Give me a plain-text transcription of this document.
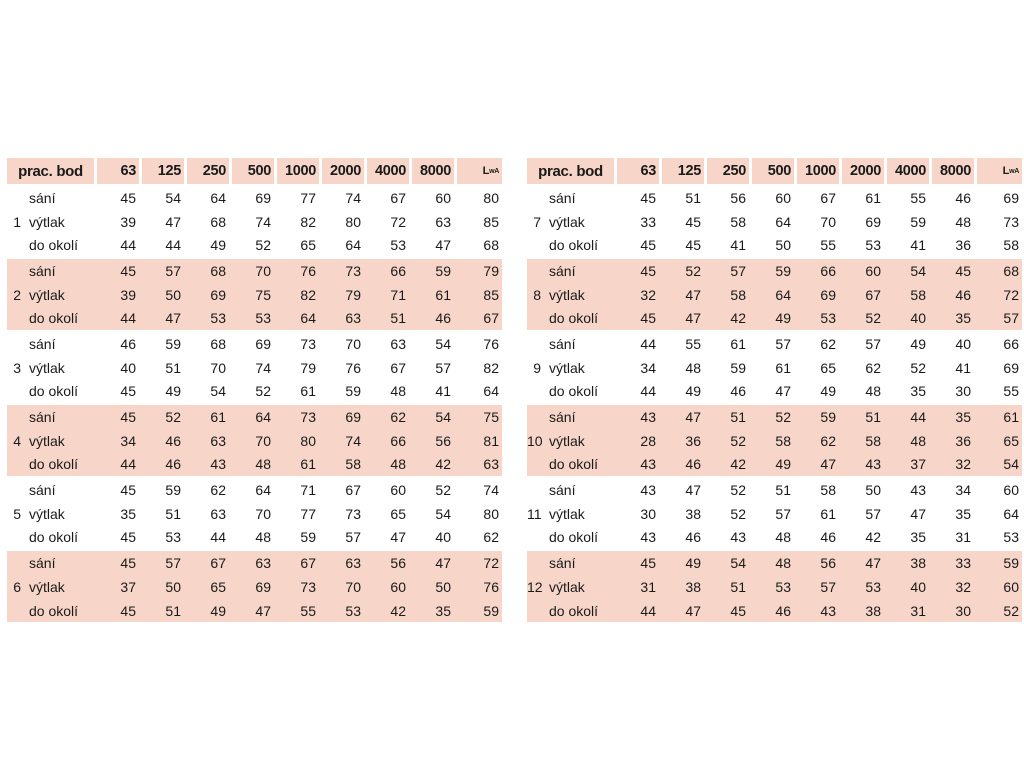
prac. bod	63	125	250	500 1000 2000 4000 8000	L wA
sání	45	54	64	69	77	74	67	60	80
1 výtlak	39	47	68	74	82	80	72	63	85
do okolí	44	44	49	52	65	64	53	47	68
sání	45	57	68	70	76	73	66	59	79
2 výtlak	39	50	69	75	82	79	71	61	85
do okolí	44	47	53	53	64	63	51	46	67
sání	46	59	68	69	73	70	63	54	76
3 výtlak	40	51	70	74	79	76	67	57	82
do okolí	45	49	54	52	61	59	48	41	64
sání	45	52	61	64	73	69	62	54	75
4 výtlak	34	46	63	70	80	74	66	56	81
do okolí	44	46	43	48	61	58	48	42	63
sání	45	59	62	64	71	67	60	52	74
5 výtlak	35	51	63	70	77	73	65	54	80
do okolí	45	53	44	48	59	57	47	40	62
sání	45	57	67	63	67	63	56	47	72
6 výtlak	37	50	65	69	73	70	60	50	76
do okolí	45	51	49	47	55	53	42	35	59
prac. bod	63	125	250	500 1000 2000 4000 8000	L wA
sání	45	51	56	60	67	61	55	46	69
7 výtlak	33	45	58	64	70	69	59	48	73
do okolí	45	45	41	50	55	53	41	36	58
sání	45	52	57	59	66	60	54	45	68
8 výtlak	32	47	58	64	69	67	58	46	72
do okolí	45	47	42	49	53	52	40	35	57
sání	44	55	61	57	62	57	49	40	66
9 výtlak	34	48	59	61	65	62	52	41	69
do okolí	44	49	46	47	49	48	35	30	55
sání	43	47	51	52	59	51	44	35	61
10 výtlak	28	36	52	58	62	58	48	36	65
do okolí	43	46	42	49	47	43	37	32	54
sání	43	47	52	51	58	50	43	34	60
11 výtlak	30	38	52	57	61	57	47	35	64
do okolí	43	46	43	48	46	42	35	31	53
sání	45	49	54	48	56	47	38	33	59
12 výtlak	31	38	51	53	57	53	40	32	60
do okolí	44	47	45	46	43	38	31	30	52
